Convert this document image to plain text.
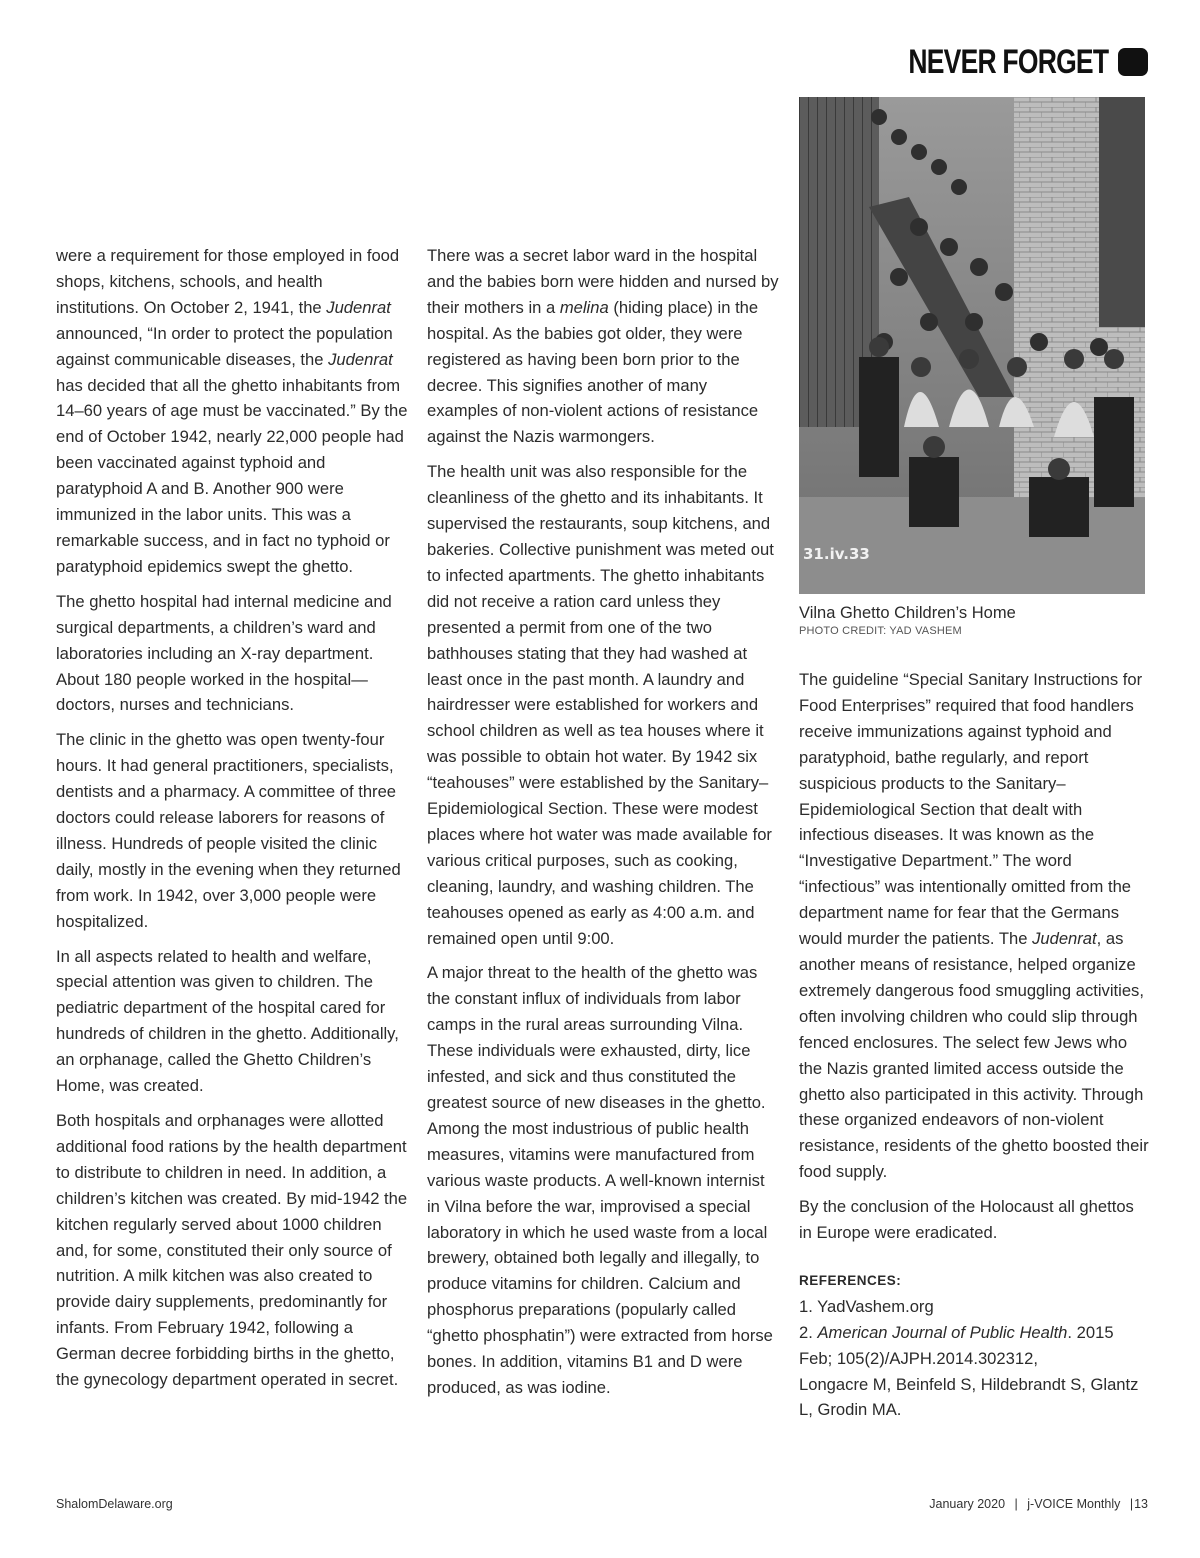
NEVER FORGET

were a requirement for those employed in food shops, kitchens, schools, and health institutions. On October 2, 1941, the Judenrat announced, “In order to protect the population against communicable diseases, the Judenrat has decided that all the ghetto inhabitants from 14–60 years of age must be vaccinated.” By the end of October 1942, nearly 22,000 people had been vaccinated against typhoid and paratyphoid A and B. Another 900 were immunized in the labor units. This was a remarkable success, and in fact no typhoid or paratyphoid epidemics swept the ghetto.

The ghetto hospital had internal medicine and surgical departments, a children’s ward and laboratories including an X-ray department. About 180 people worked in the hospital—doctors, nurses and technicians.

The clinic in the ghetto was open twenty-four hours. It had general practitioners, specialists, dentists and a pharmacy. A committee of three doctors could release laborers for reasons of illness. Hundreds of people visited the clinic daily, mostly in the evening when they returned from work. In 1942, over 3,000 people were hospitalized.

In all aspects related to health and welfare, special attention was given to children. The pediatric department of the hospital cared for hundreds of children in the ghetto. Additionally, an orphanage, called the Ghetto Children’s Home, was created.

Both hospitals and orphanages were allotted additional food rations by the health department to distribute to children in need. In addition, a children’s kitchen was created. By mid-1942 the kitchen regularly served about 1000 children and, for some, constituted their only source of nutrition. A milk kitchen was also created to provide dairy supplements, predominantly for infants. From February 1942, following a German decree forbidding births in the ghetto, the gynecology department operated in secret.

There was a secret labor ward in the hospital and the babies born were hidden and nursed by their mothers in a melina (hiding place) in the hospital. As the babies got older, they were registered as having been born prior to the decree. This signifies another of many examples of non-violent actions of resistance against the Nazis warmongers.

The health unit was also responsible for the cleanliness of the ghetto and its inhabitants. It supervised the restaurants, soup kitchens, and bakeries. Collective punishment was meted out to infected apartments. The ghetto inhabitants did not receive a ration card unless they presented a permit from one of the two bathhouses stating that they had washed at least once in the past month. A laundry and hairdresser were established for workers and school children as well as tea houses where it was possible to obtain hot water. By 1942 six “teahouses” were established by the Sanitary–Epidemiological Section. These were modest places where hot water was made available for various critical purposes, such as cooking, cleaning, laundry, and washing children. The teahouses opened as early as 4:00 a.m. and remained open until 9:00.

A major threat to the health of the ghetto was the constant influx of individuals from labor camps in the rural areas surrounding Vilna. These individuals were exhausted, dirty, lice infested, and sick and thus constituted the greatest source of new diseases in the ghetto. Among the most industrious of public health measures, vitamins were manufactured from various waste products. A well-known internist in Vilna before the war, improvised a special laboratory in which he used waste from a local brewery, obtained both legally and illegally, to produce vitamins for children. Calcium and phosphorus preparations (popularly called “ghetto phosphatin”) were extracted from horse bones. In addition, vitamins B1 and D were produced, as was iodine.

31.iv.33
Vilna Ghetto Children’s Home
PHOTO CREDIT: YAD VASHEM

The guideline “Special Sanitary Instructions for Food Enterprises” required that food handlers receive immunizations against typhoid and paratyphoid, bathe regularly, and report suspicious products to the Sanitary–Epidemiological Section that dealt with infectious diseases. It was known as the “Investigative Department.” The word “infectious” was intentionally omitted from the department name for fear that the Germans would murder the patients. The Judenrat, as another means of resistance, helped organize extremely dangerous food smuggling activities, often involving children who could slip through fenced enclosures. The select few Jews who the Nazis granted limited access outside the ghetto also participated in this activity. Through these organized endeavors of non-violent resistance, residents of the ghetto boosted their food supply.

By the conclusion of the Holocaust all ghettos in Europe were eradicated.

REFERENCES:

1. YadVashem.org

2. American Journal of Public Health. 2015 Feb; 105(2)/AJPH.2014.302312,

Longacre M, Beinfeld S, Hildebrandt S, Glantz L, Grodin MA.

ShalomDelaware.org	January 2020 | j-VOICE Monthly |13
